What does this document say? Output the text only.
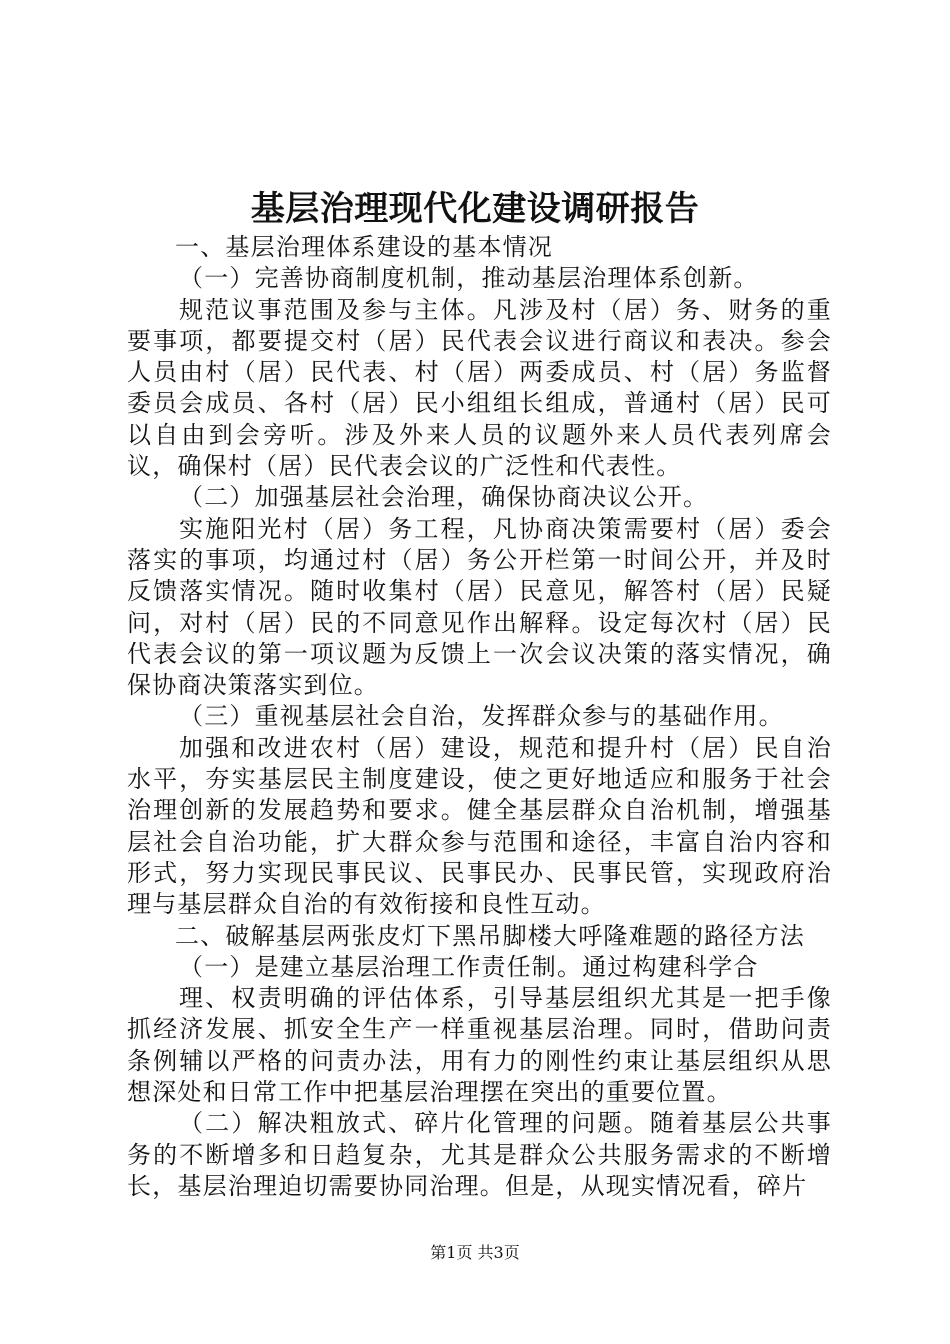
基层治理现代化建设调研报告

一、基层治理体系建设的基本情况

（一）完善协商制度机制，推动基层治理体系创新。

规范议事范围及参与主体。凡涉及村（居）务、财务的重要事项，都要提交村（居）民代表会议进行商议和表决。参会人员由村（居）民代表、村（居）两委成员、村（居）务监督委员会成员、各村（居）民小组组长组成，普通村（居）民可以自由到会旁听。涉及外来人员的议题外来人员代表列席会议，确保村（居）民代表会议的广泛性和代表性。

（二）加强基层社会治理，确保协商决议公开。

实施阳光村（居）务工程，凡协商决策需要村（居）委会落实的事项，均通过村（居）务公开栏第一时间公开，并及时反馈落实情况。随时收集村（居）民意见，解答村（居）民疑问，对村（居）民的不同意见作出解释。设定每次村（居）民代表会议的第一项议题为反馈上一次会议决策的落实情况，确保协商决策落实到位。

（三）重视基层社会自治，发挥群众参与的基础作用。

加强和改进农村（居）建设，规范和提升村（居）民自治水平，夯实基层民主制度建设，使之更好地适应和服务于社会治理创新的发展趋势和要求。健全基层群众自治机制，增强基层社会自治功能，扩大群众参与范围和途径，丰富自治内容和形式，努力实现民事民议、民事民办、民事民管，实现政府治理与基层群众自治的有效衔接和良性互动。

二、破解基层两张皮灯下黑吊脚楼大呼隆难题的路径方法

（一）是建立基层治理工作责任制。通过构建科学合

理、权责明确的评估体系，引导基层组织尤其是一把手像抓经济发展、抓安全生产一样重视基层治理。同时，借助问责条例辅以严格的问责办法，用有力的刚性约束让基层组织从思想深处和日常工作中把基层治理摆在突出的重要位置。

（二）解决粗放式、碎片化管理的问题。随着基层公共事务的不断增多和日趋复杂，尤其是群众公共服务需求的不断增长，基层治理迫切需要协同治理。但是，从现实情况看，碎片

第1页 共3页
